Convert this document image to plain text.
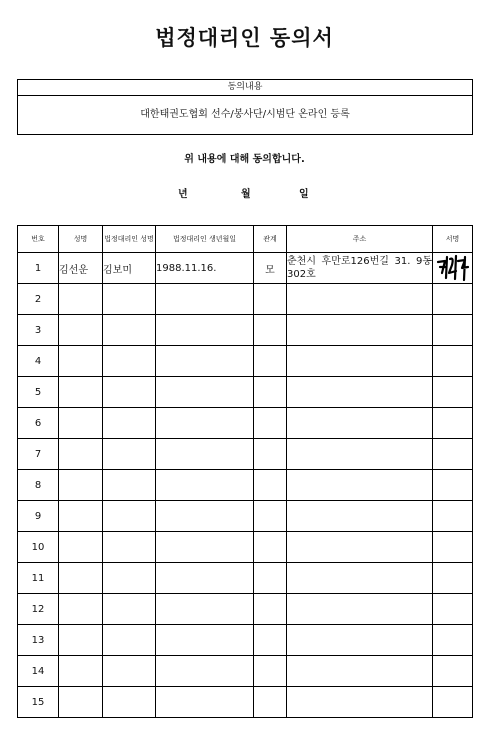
법정대리인 동의서
동의내용
대한태권도협회 선수/봉사단/시범단 온라인 등록
위 내용에 대해 동의합니다.
년	월	일
번호	성명	법정대리인 성명	법정대리인 생년월일	관계	주소	서명
1	김선운	김보미	1988.11.16.	모	춘천시 후만로126번길 31. 9동302호	

2						
3						
4						
5						
6						
7						
8						
9						
10						
11						
12						
13						
14						
15						
